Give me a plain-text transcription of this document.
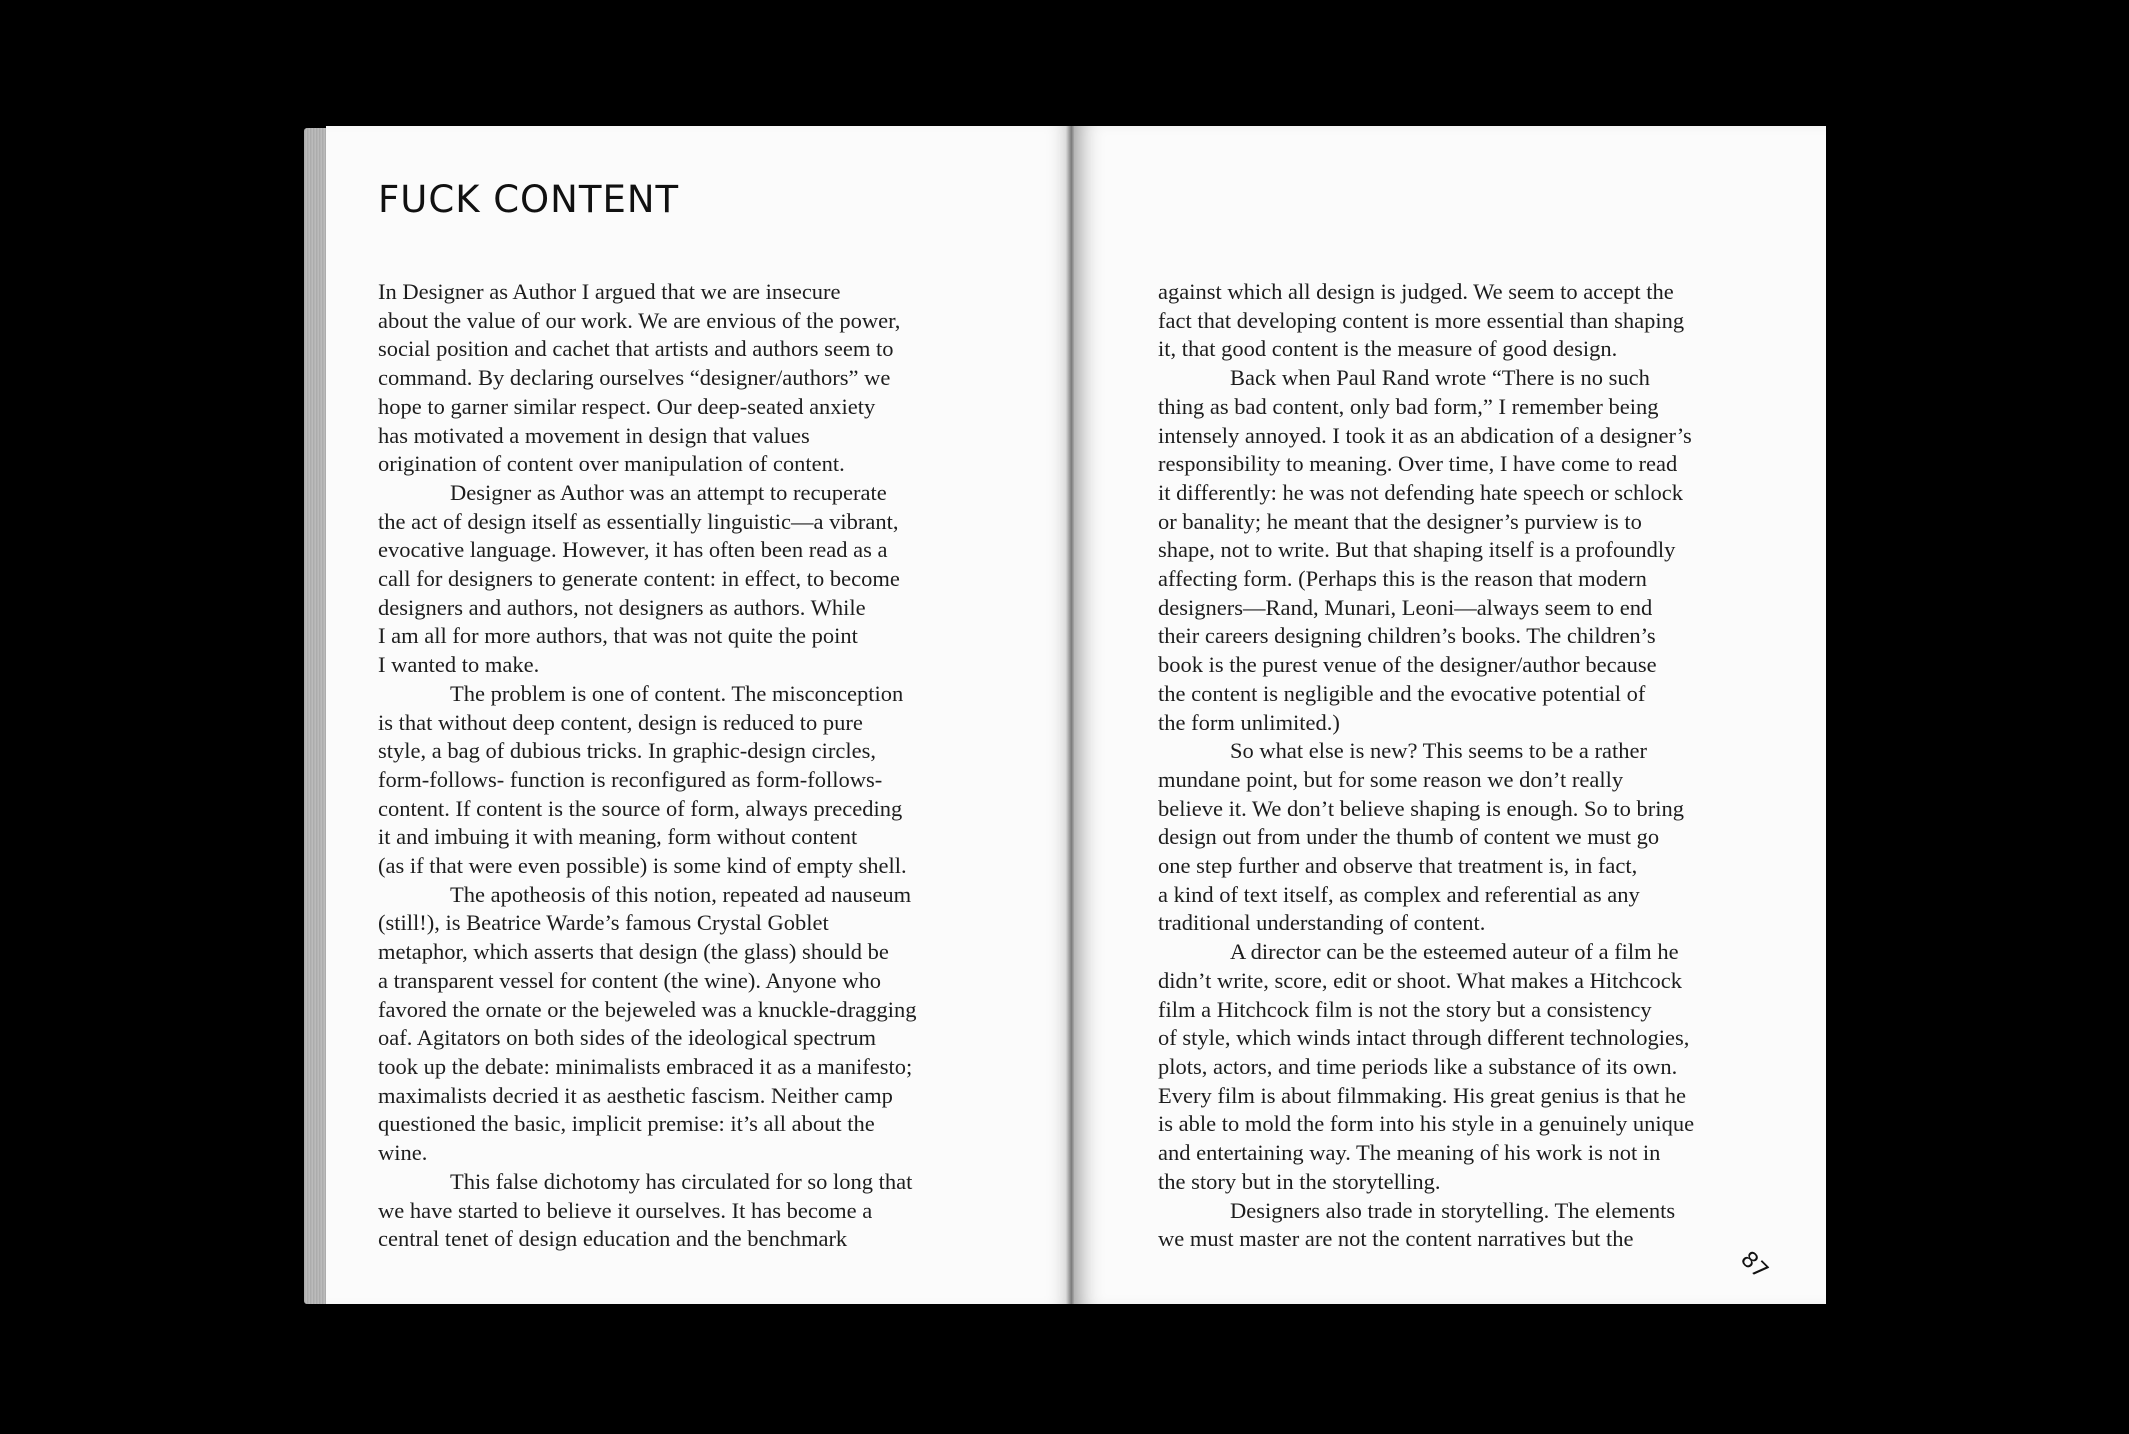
FUCK CONTENT

In Designer as Author I argued that we are insecure

about the value of our work. We are envious of the power,

social position and cachet that artists and authors seem to

command. By declaring ourselves “designer/authors” we

hope to garner similar respect. Our deep-seated anxiety

has motivated a movement in design that values

origination of content over manipulation of content.

Designer as Author was an attempt to recuperate

the act of design itself as essentially linguistic—a vibrant,

evocative language. However, it has often been read as a

call for designers to generate content: in effect, to become

designers and authors, not designers as authors. While

I am all for more authors, that was not quite the point

I wanted to make.

The problem is one of content. The misconception

is that without deep content, design is reduced to pure

style, a bag of dubious tricks. In graphic-design circles,

form-follows- function is reconfigured as form-follows-

content. If content is the source of form, always preceding

it and imbuing it with meaning, form without content

(as if that were even possible) is some kind of empty shell.

The apotheosis of this notion, repeated ad nauseum

(still!), is Beatrice Warde’s famous Crystal Goblet

metaphor, which asserts that design (the glass) should be

a transparent vessel for content (the wine). Anyone who

favored the ornate or the bejeweled was a knuckle-dragging

oaf. Agitators on both sides of the ideological spectrum

took up the debate: minimalists embraced it as a manifesto;

maximalists decried it as aesthetic fascism. Neither camp

questioned the basic, implicit premise: it’s all about the

wine.

This false dichotomy has circulated for so long that

we have started to believe it ourselves. It has become a

central tenet of design education and the benchmark

against which all design is judged. We seem to accept the

fact that developing content is more essential than shaping

it, that good content is the measure of good design.

Back when Paul Rand wrote “There is no such

thing as bad content, only bad form,” I remember being

intensely annoyed. I took it as an abdication of a designer’s

responsibility to meaning. Over time, I have come to read

it differently: he was not defending hate speech or schlock

or banality; he meant that the designer’s purview is to

shape, not to write. But that shaping itself is a profoundly

affecting form. (Perhaps this is the reason that modern

designers—Rand, Munari, Leoni—always seem to end

their careers designing children’s books. The children’s

book is the purest venue of the designer/author because

the content is negligible and the evocative potential of

the form unlimited.)

So what else is new? This seems to be a rather

mundane point, but for some reason we don’t really

believe it. We don’t believe shaping is enough. So to bring

design out from under the thumb of content we must go

one step further and observe that treatment is, in fact,

a kind of text itself, as complex and referential as any

traditional understanding of content.

A director can be the esteemed auteur of a film he

didn’t write, score, edit or shoot. What makes a Hitchcock

film a Hitchcock film is not the story but a consistency

of style, which winds intact through different technologies,

plots, actors, and time periods like a substance of its own.

Every film is about filmmaking. His great genius is that he

is able to mold the form into his style in a genuinely unique

and entertaining way. The meaning of his work is not in

the story but in the storytelling.

Designers also trade in storytelling. The elements

we must master are not the content narratives but the

87
